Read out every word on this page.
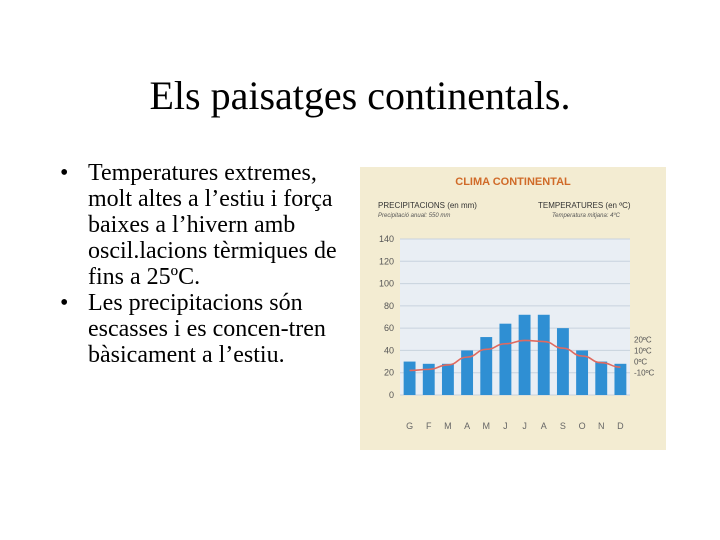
Els paisatges continentals.
• Temperatures extremes, molt altes a l’estiu i força baixes a l’hivern amb oscil.lacions tèrmiques de fins a 25ºC.
• Les precipitacions són escasses i es concen-tren bàsicament a l’estiu.
CLIMA CONTINENTAL
PRECIPITACIONS (en mm)
Precipitació anual: 550 mm
TEMPERATURES (en ºC)
Temperatura mitjana: 4ºC
140
120
100
80
60
40
20
0
20ºC
10ºC
0ºC
-10ºC
G F M A M J J A S O N D
